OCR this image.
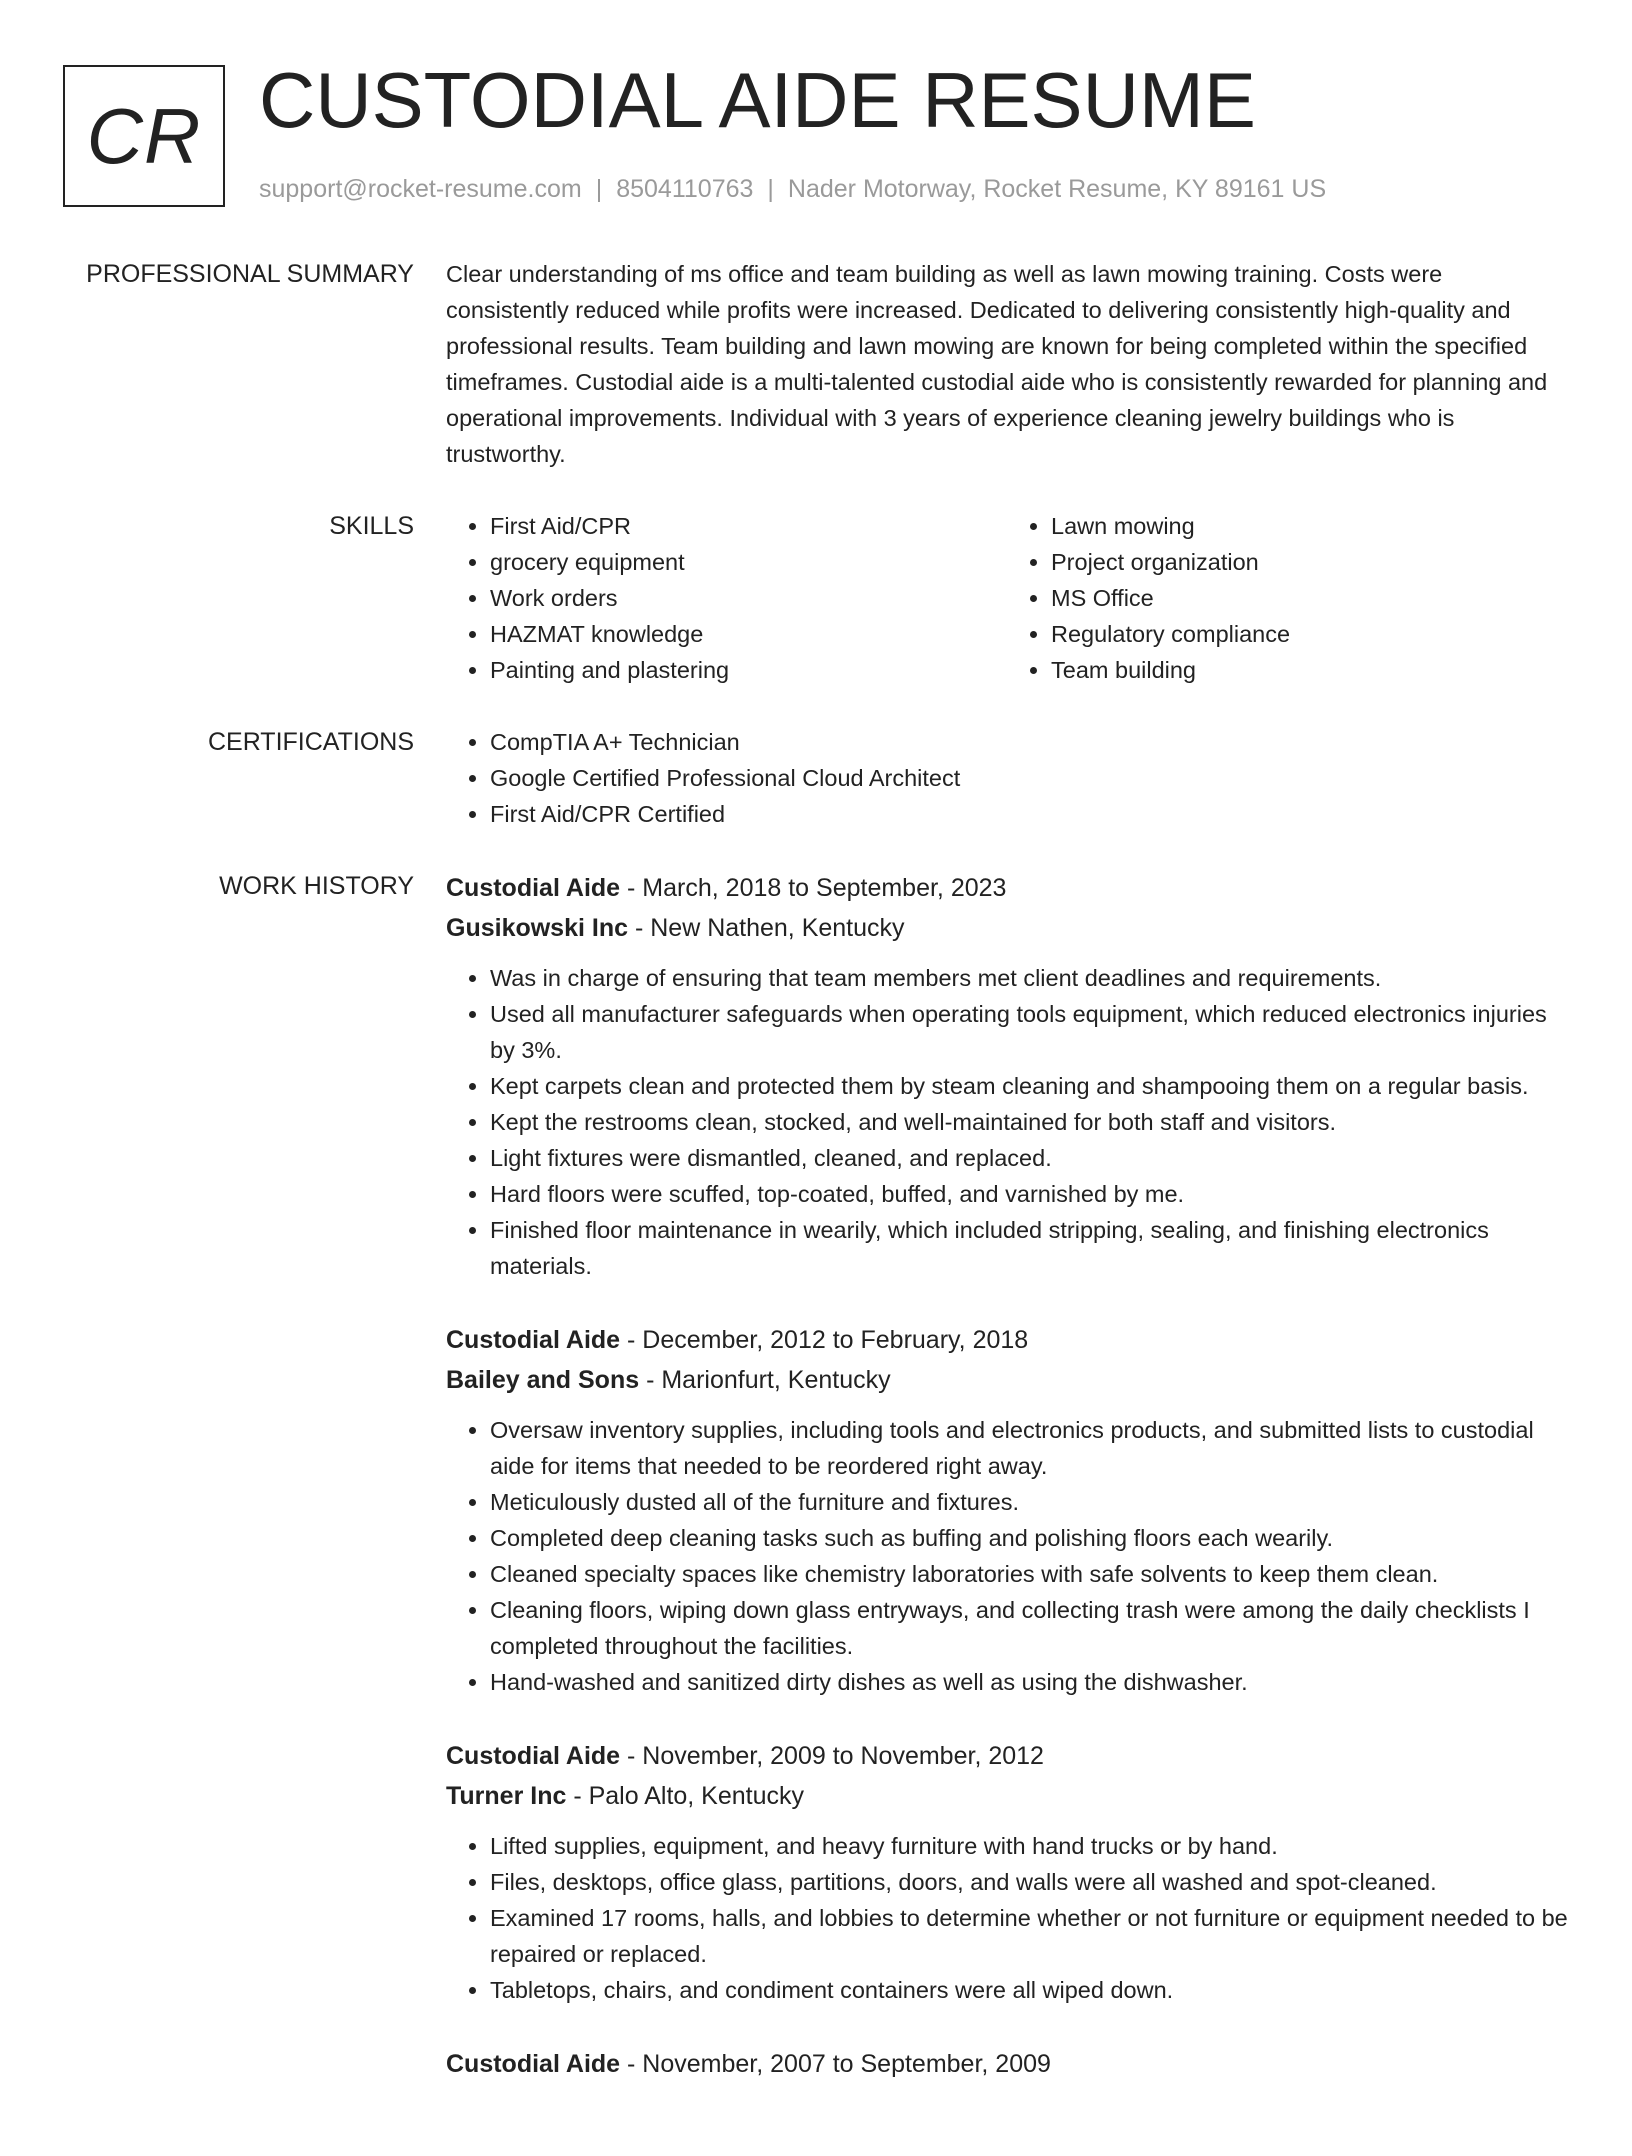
CR CUSTODIAL AIDE RESUME
support@rocket-resume.com | 8504110763 | Nader Motorway, Rocket Resume, KY 89161 US
PROFESSIONAL SUMMARY Clear understanding of ms office and team building as well as lawn mowing training. Costs were consistently reduced while profits were increased. Dedicated to delivering consistently high-quality and professional results. Team building and lawn mowing are known for being completed within the specified timeframes. Custodial aide is a multi-talented custodial aide who is consistently rewarded for planning and operational improvements. Individual with 3 years of experience cleaning jewelry buildings who is trustworthy.

SKILLS	• First Aid/CPR
• grocery equipment
• Work orders
• HAZMAT knowledge
• Painting and plastering
• Lawn mowing
• Project organization
• MS Office
• Regulatory compliance
• Team building
CERTIFICATIONS	• CompTIA A+ Technician
• Google Certified Professional Cloud Architect
• First Aid/CPR Certified
WORK HISTORY Custodial Aide - March, 2018 to September, 2023
Gusikowski Inc - New Nathen, Kentucky
• Was in charge of ensuring that team members met client deadlines and requirements.
• Used all manufacturer safeguards when operating tools equipment, which reduced electronics injuries by 3%.
• Kept carpets clean and protected them by steam cleaning and shampooing them on a regular basis.
• Kept the restrooms clean, stocked, and well-maintained for both staff and visitors.
• Light fixtures were dismantled, cleaned, and replaced.
• Hard floors were scuffed, top-coated, buffed, and varnished by me.
• Finished floor maintenance in wearily, which included stripping, sealing, and finishing electronics materials.
Custodial Aide - December, 2012 to February, 2018
Bailey and Sons - Marionfurt, Kentucky
• Oversaw inventory supplies, including tools and electronics products, and submitted lists to custodial aide for items that needed to be reordered right away.
• Meticulously dusted all of the furniture and fixtures.
• Completed deep cleaning tasks such as buffing and polishing floors each wearily.
• Cleaned specialty spaces like chemistry laboratories with safe solvents to keep them clean.
• Cleaning floors, wiping down glass entryways, and collecting trash were among the daily checklists I completed throughout the facilities.
• Hand-washed and sanitized dirty dishes as well as using the dishwasher.
Custodial Aide - November, 2009 to November, 2012
Turner Inc - Palo Alto, Kentucky
• Lifted supplies, equipment, and heavy furniture with hand trucks or by hand.
• Files, desktops, office glass, partitions, doors, and walls were all washed and spot-cleaned.
• Examined 17 rooms, halls, and lobbies to determine whether or not furniture or equipment needed to be repaired or replaced.
• Tabletops, chairs, and condiment containers were all wiped down.
Custodial Aide - November, 2007 to September, 2009
